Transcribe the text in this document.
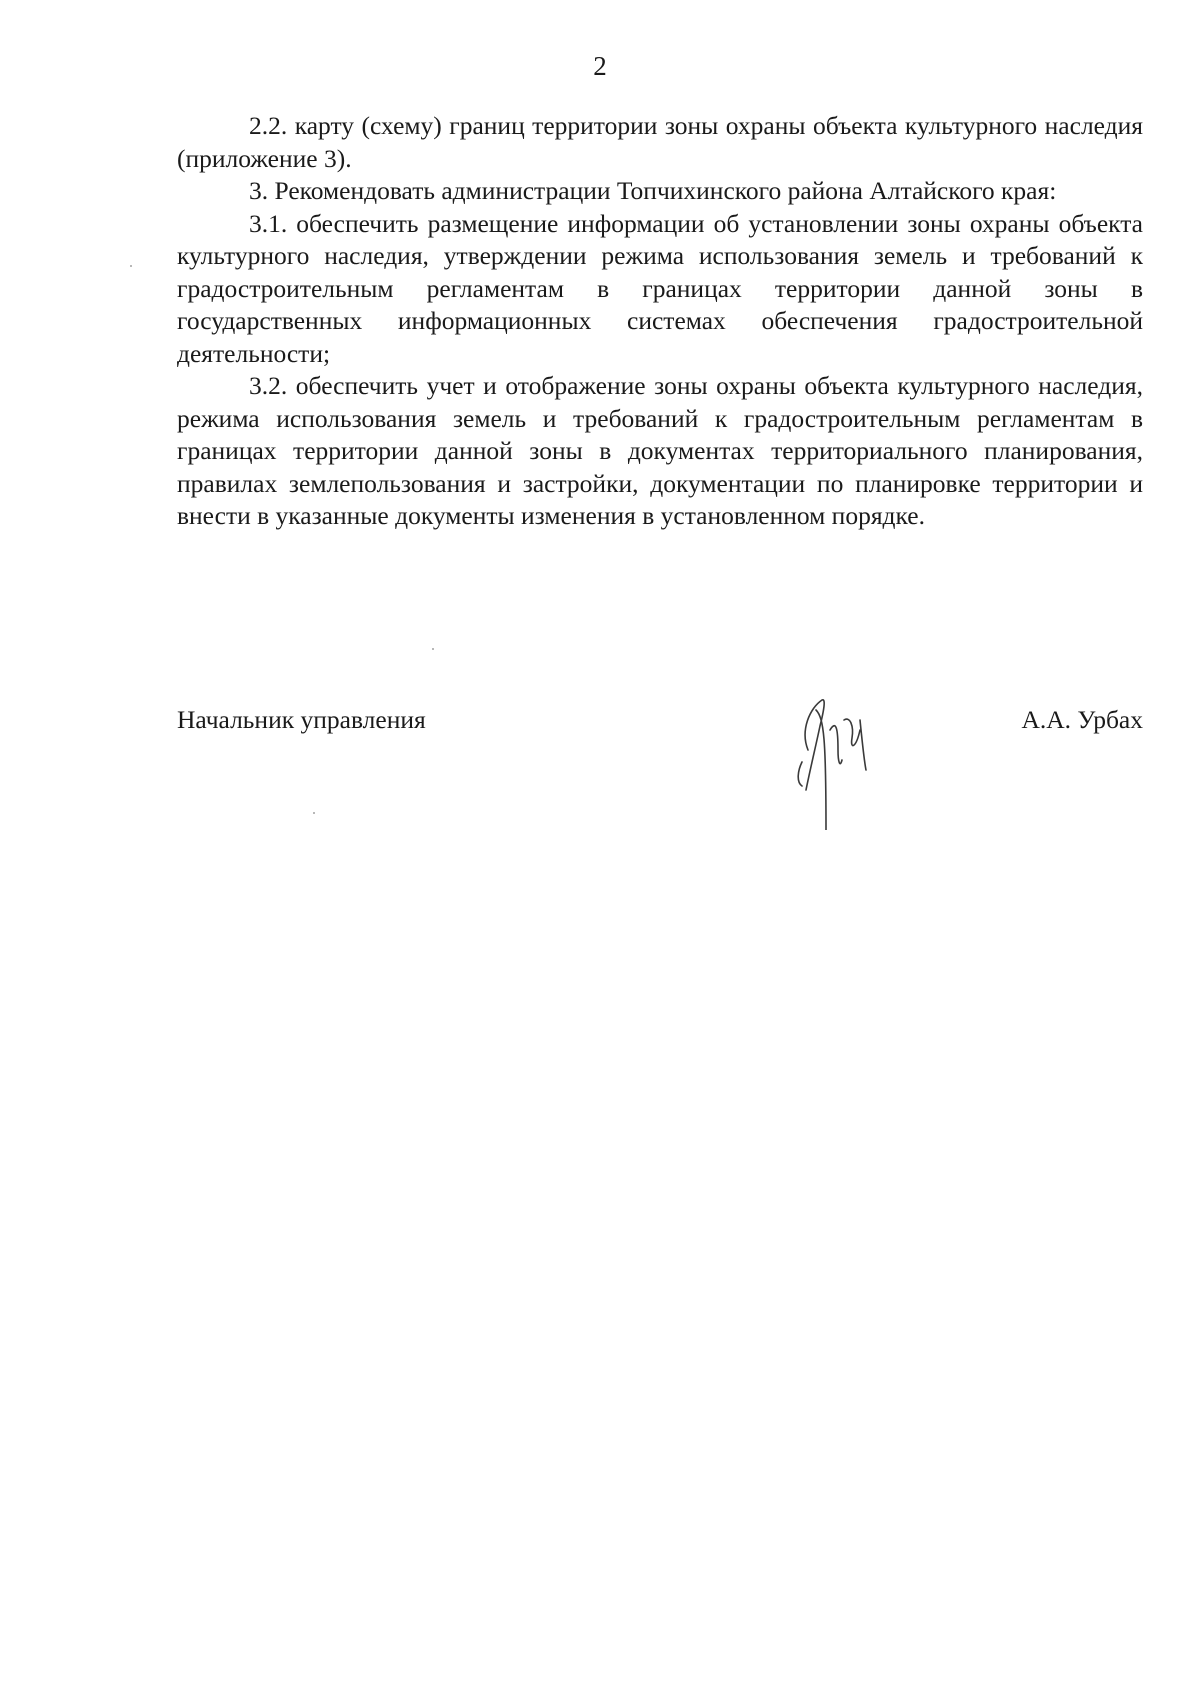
2

2.2. карту (схему) границ территории зоны охраны объекта культурного наследия (приложение 3).

3. Рекомендовать администрации Топчихинского района Алтайского края:

3.1. обеспечить размещение информации об установлении зоны охраны объекта культурного наследия, утверждении режима использования земель и требований к градостроительным регламентам в границах территории данной зоны в государственных информационных системах обеспечения градостроительной деятельности;

3.2. обеспечить учет и отображение зоны охраны объекта культурного наследия, режима использования земель и требований к градостроительным регламентам в границах территории данной зоны в документах территориального планирования, правилах землепользования и застройки, документации по планировке территории и внести в указанные документы изменения в установленном порядке.

Начальник управления	А.А. Урбах
